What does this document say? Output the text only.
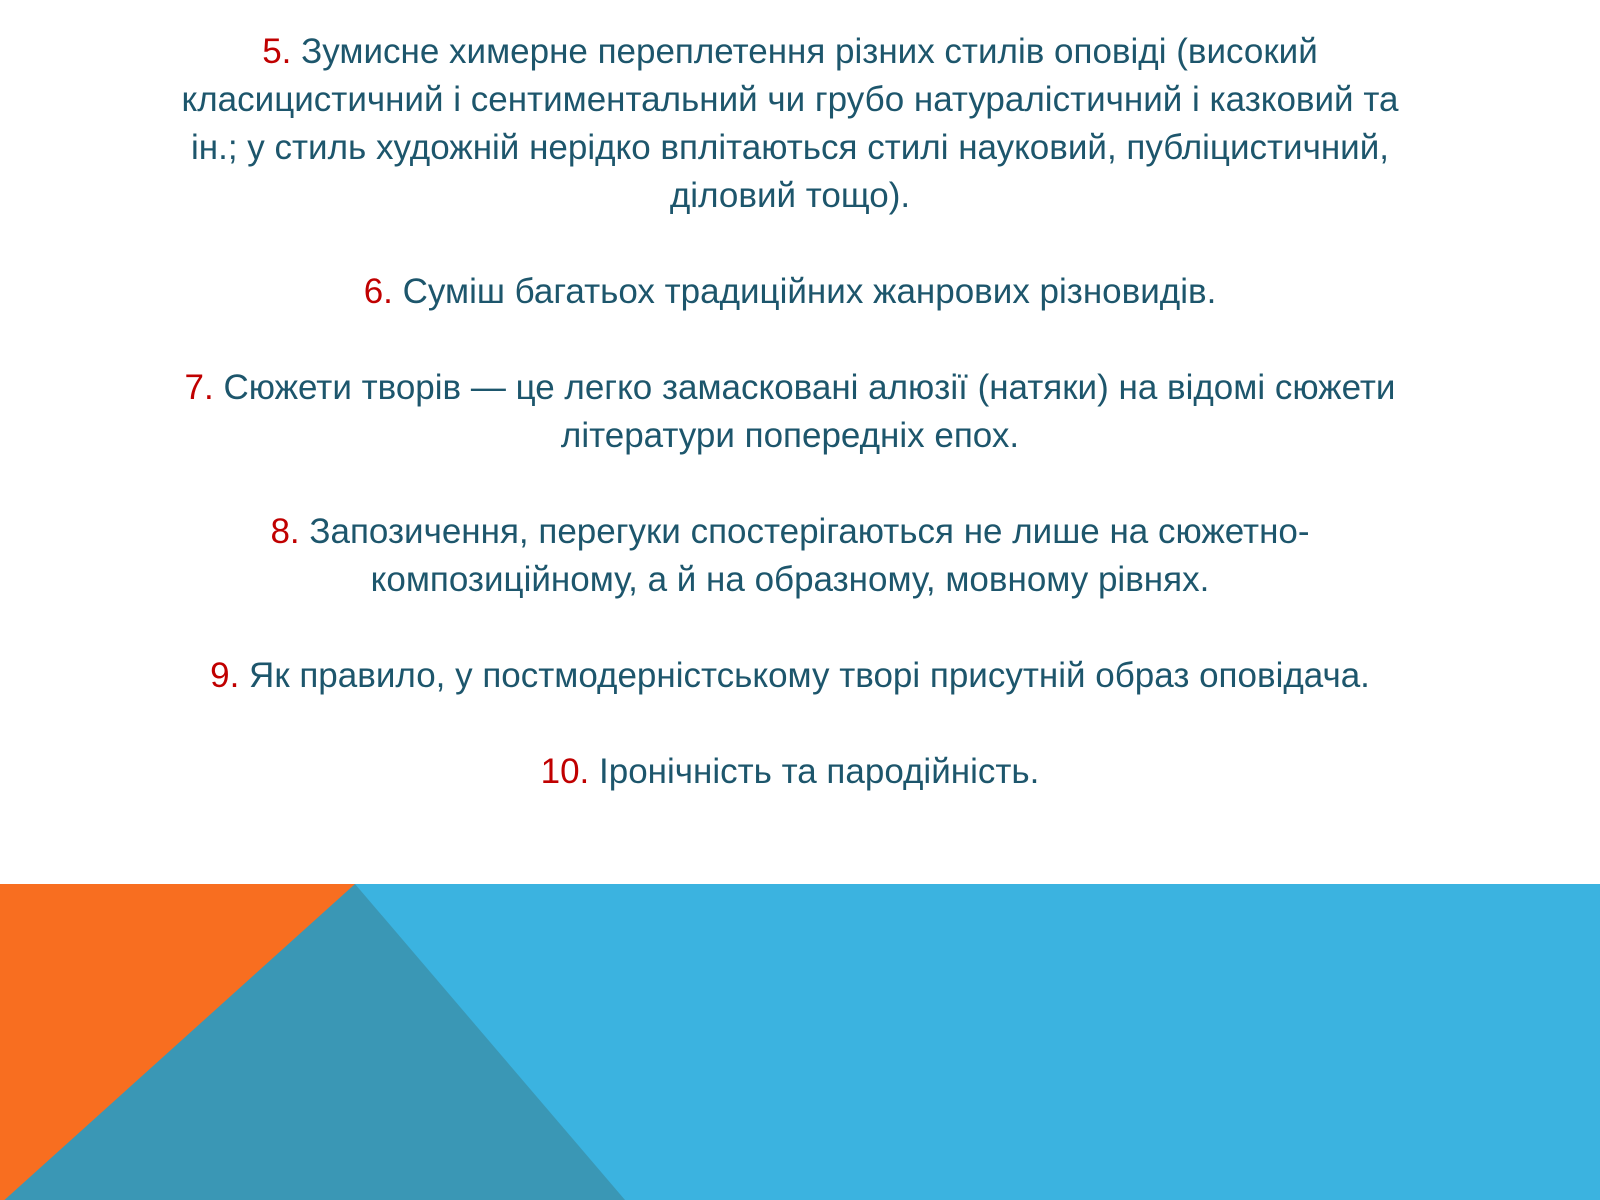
5. Зумисне химерне переплетення різних стилів оповіді (високий класицистичний і сентиментальний чи грубо натуралістичний і казковий та ін.; у стиль художній нерідко вплітаються стилі науковий, публіцистичний, діловий тощо).

6. Суміш багатьох традиційних жанрових різновидів.

7. Сюжети творів — це легко замасковані алюзії (натяки) на відомі сюжети літератури попередніх епох.

8. Запозичення, перегуки спостерігаються не лише на сюжетно-композиційному, а й на образному, мовному рівнях.

9. Як правило, у постмодерністському творі присутній образ оповідача.

10. Іронічність та пародійність.
